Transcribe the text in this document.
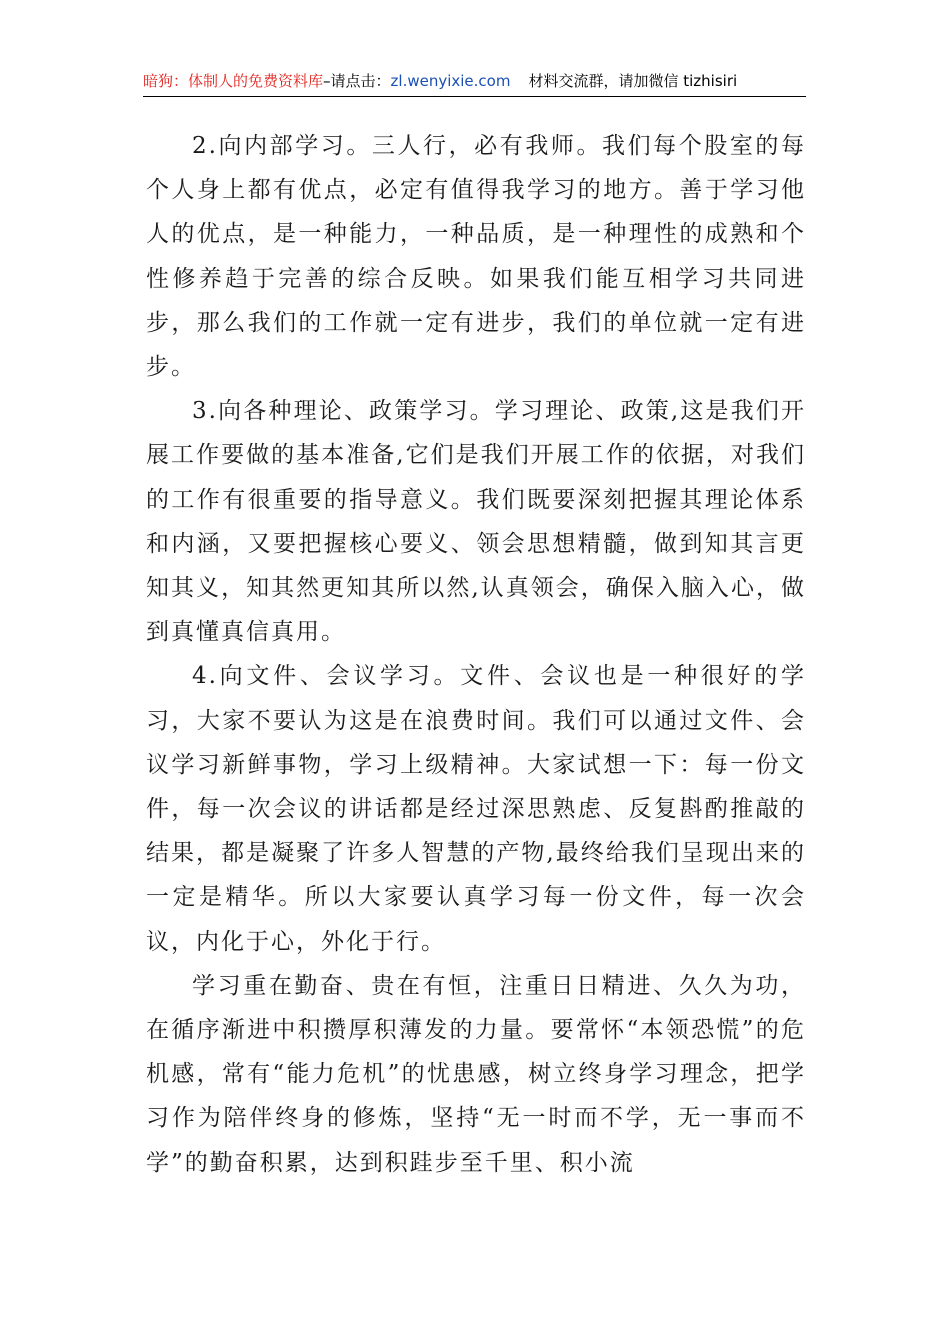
暗狗：体制人的免费资料库–请点击：zl.wenyixie.com 材料交流群，请加微信 tizhisiri

2.向内部学习。三人行，必有我师。我们每个股室的每个人身上都有优点，必定有值得我学习的地方。善于学习他人的优点，是一种能力，一种品质，是一种理性的成熟和个性修养趋于完善的综合反映。如果我们能互相学习共同进步，那么我们的工作就一定有进步，我们的单位就一定有进步。

3.向各种理论、政策学习。学习理论、政策,这是我们开展工作要做的基本准备,它们是我们开展工作的依据，对我们的工作有很重要的指导意义。我们既要深刻把握其理论体系和内涵，又要把握核心要义、领会思想精髓，做到知其言更知其义，知其然更知其所以然,认真领会，确保入脑入心，做到真懂真信真用。

4.向文件、会议学习。文件、会议也是一种很好的学习，大家不要认为这是在浪费时间。我们可以通过文件、会议学习新鲜事物，学习上级精神。大家试想一下：每一份文件，每一次会议的讲话都是经过深思熟虑、反复斟酌推敲的结果，都是凝聚了许多人智慧的产物,最终给我们呈现出来的一定是精华。所以大家要认真学习每一份文件，每一次会议，内化于心，外化于行。

学习重在勤奋、贵在有恒，注重日日精进、久久为功，在循序渐进中积攒厚积薄发的力量。要常怀“本领恐慌”的危机感，常有“能力危机”的忧患感，树立终身学习理念，把学习作为陪伴终身的修炼，坚持“无一时而不学，无一事而不学”的勤奋积累，达到积跬步至千里、积小流
